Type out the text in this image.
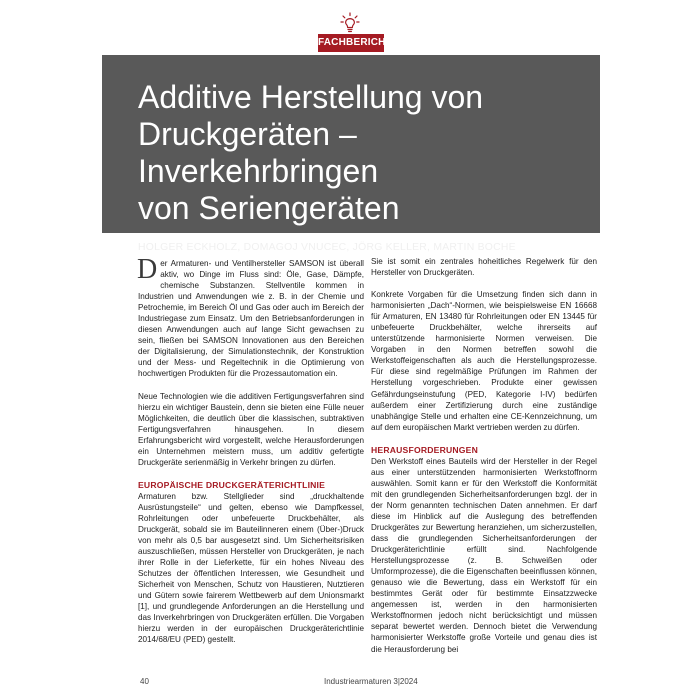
FACHBERICHT
Additive Herstellung von
Druckgeräten – Inverkehrbringen
von Seriengeräten
HOLGER ECKHOLZ, DOMAGOJ VNUCEC, JÖRG KELLER, MARTIN BOCHE

Der Armaturen- und Ventilhersteller SAMSON ist überall aktiv, wo Dinge im Fluss sind: Öle, Gase, Dämpfe, chemische Substanzen. Stellventile kommen in Industrien und Anwendungen wie z. B. in der Chemie und Petrochemie, im Bereich Öl und Gas oder auch im Bereich der Industriegase zum Einsatz. Um den Betriebsanforderungen in diesen Anwendungen auch auf lange Sicht gewachsen zu sein, fließen bei SAMSON Innovationen aus den Bereichen der Digitalisierung, der Simulationstechnik, der Konstruktion und der Mess- und Regeltechnik in die Optimierung von hochwertigen Produkten für die Prozessautomation ein.

Neue Technologien wie die additiven Fertigungsverfahren sind hierzu ein wichtiger Baustein, denn sie bieten eine Fülle neuer Möglichkeiten, die deutlich über die klassischen, subtraktiven Fertigungsverfahren hinausgehen. In diesem Erfahrungsbericht wird vorgestellt, welche Herausforderungen ein Unternehmen meistern muss, um additiv gefertigte Druckgeräte serienmäßig in Verkehr bringen zu dürfen.

EUROPÄISCHE DRUCKGERÄTERICHTLINIE

Armaturen bzw. Stellglieder sind „druckhaltende Ausrüstungsteile“ und gelten, ebenso wie Dampfkessel, Rohrleitungen oder unbefeuerte Druckbehälter, als Druckgerät, sobald sie im Bauteilinneren einem (Über-)Druck von mehr als 0,5 bar ausgesetzt sind. Um Sicherheitsrisiken auszuschließen, müssen Hersteller von Druckgeräten, je nach ihrer Rolle in der Lieferkette, für ein hohes Niveau des Schutzes der öffentlichen Interessen, wie Gesundheit und Sicherheit von Menschen, Schutz von Haustieren, Nutztieren und Gütern sowie fairerem Wettbewerb auf dem Unionsmarkt [1], und grundlegende Anforderungen an die Herstellung und das Inverkehrbringen von Druckgeräten erfüllen. Die Vorgaben hierzu werden in der europäischen Druckgeräterichtlinie 2014/68/EU (PED) gestellt.

Sie ist somit ein zentrales hoheitliches Regelwerk für den Hersteller von Druckgeräten.

Konkrete Vorgaben für die Umsetzung finden sich dann in harmonisierten „Dach“-Normen, wie beispielsweise EN 16668 für Armaturen, EN 13480 für Rohrleitungen oder EN 13445 für unbefeuerte Druckbehälter, welche ihrerseits auf unterstützende harmonisierte Normen verweisen. Die Vorgaben in den Normen betreffen sowohl die Werkstoffeigenschaften als auch die Herstellungsprozesse. Für diese sind regelmäßige Prüfungen im Rahmen der Herstellung vorgeschrieben. Produkte einer gewissen Gefährdungseinstufung (PED, Kategorie I-IV) bedürfen außerdem einer Zertifizierung durch eine zuständige unabhängige Stelle und erhalten eine CE-Kennzeichnung, um auf dem europäischen Markt vertrieben werden zu dürfen.

HERAUSFORDERUNGEN

Den Werkstoff eines Bauteils wird der Hersteller in der Regel aus einer unterstützenden harmonisierten Werkstoffnorm auswählen. Somit kann er für den Werkstoff die Konformität mit den grundlegenden Sicherheitsanforderungen bzgl. der in der Norm genannten technischen Daten annehmen. Er darf diese im Hinblick auf die Auslegung des betreffenden Druckgerätes zur Bewertung heranziehen, um sicherzustellen, dass die grundlegenden Sicherheitsanforderungen der Druckgeräterichtlinie erfüllt sind. Nachfolgende Herstellungsprozesse (z. B. Schweißen oder Umformprozesse), die die Eigenschaften beeinflussen können, genauso wie die Bewertung, dass ein Werkstoff für ein bestimmtes Gerät oder für bestimmte Einsatzzwecke angemessen ist, werden in den harmonisierten Werkstoffnormen jedoch nicht berücksichtigt und müssen separat bewertet werden. Dennoch bietet die Verwendung harmonisierter Werkstoffe große Vorteile und genau dies ist die Herausforderung bei

40	Industriearmaturen 3|2024
